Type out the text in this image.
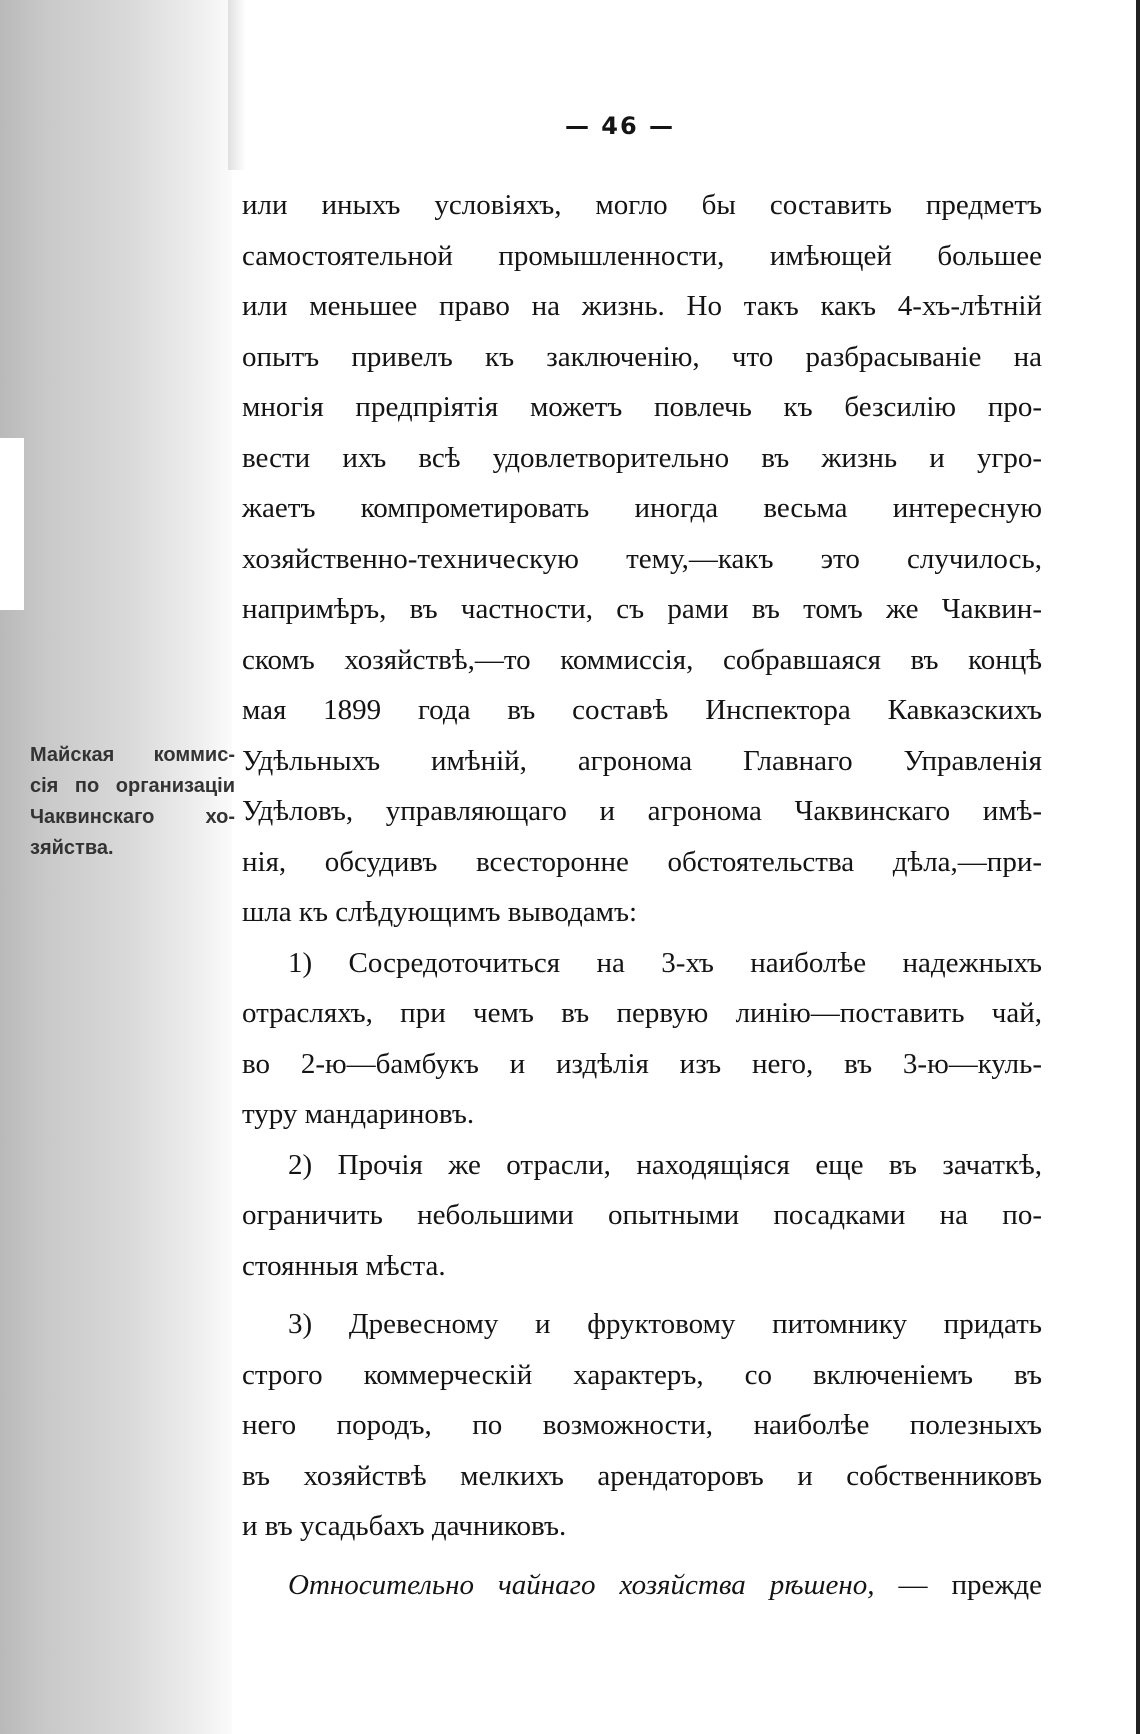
— 46 —
Майская коммис-
сія по организаціи
Чаквинскаго хо-
зяйства.
или иныхъ условіяхъ, могло бы составить предметъ
самостоятельной промышленности, имѣющей большее
или меньшее право на жизнь. Но такъ какъ 4-хъ-лѣтній
опытъ привелъ къ заключенію, что разбрасываніе на
многія предпріятія можетъ повлечь къ безсилію про-
вести ихъ всѣ удовлетворительно въ жизнь и угро-
жаетъ компрометировать иногда весьма интересную
хозяйственно-техническую тему,—какъ это случилось,
напримѣръ, въ частности, съ рами въ томъ же Чаквин-
скомъ хозяйствѣ,—то коммиссія, собравшаяся въ концѣ
мая 1899 года въ составѣ Инспектора Кавказскихъ
Удѣльныхъ имѣній, агронома Главнаго Управленія
Удѣловъ, управляющаго и агронома Чаквинскаго имѣ-
нія, обсудивъ всесторонне обстоятельства дѣла,—при-
шла къ слѣдующимъ выводамъ:
1) Сосредоточиться на 3-хъ наиболѣе надежныхъ
отрасляхъ, при чемъ въ первую линію—поставить чай,
во 2-ю—бамбукъ и издѣлія изъ него, въ 3-ю—куль-
туру мандариновъ.
2) Прочія же отрасли, находящіяся еще въ зачаткѣ,
ограничить небольшими опытными посадками на по-
стоянныя мѣста.
3) Древесному и фруктовому питомнику придать
строго коммерческій характеръ, со включеніемъ въ
него породъ, по возможности, наиболѣе полезныхъ
въ хозяйствѣ мелкихъ арендаторовъ и собственниковъ
и въ усадьбахъ дачниковъ.
Относительно чайнаго хозяйства рѣшено, — прежде
